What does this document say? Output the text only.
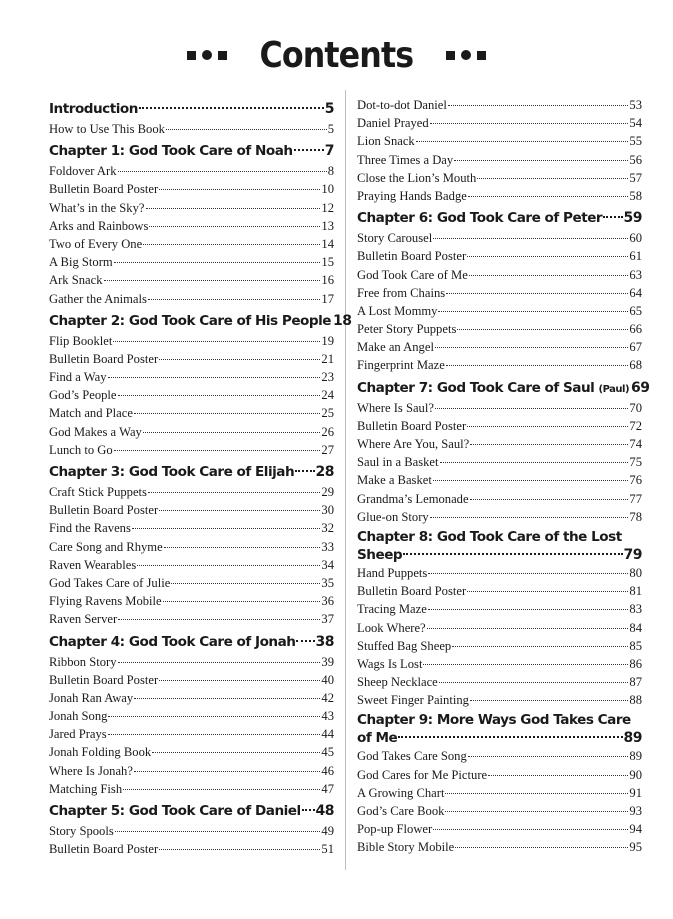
Contents
Introduction	5
How to Use This Book	5
Chapter 1: God Took Care of Noah 7
Foldover Ark	8
Bulletin Board Poster	10
What’s in the Sky?	12
Arks and Rainbows	13
Two of Every One	14
A Big Storm	15
Ark Snack	16
Gather the Animals	17
Chapter 2: God Took Care of His People 18
Flip Booklet	19
Bulletin Board Poster	21
Find a Way	23
God’s People	24
Match and Place	25
God Makes a Way	26
Lunch to Go	27
Chapter 3: God Took Care of Elijah 28
Craft Stick Puppets	29
Bulletin Board Poster	30
Find the Ravens	32
Care Song and Rhyme	33
Raven Wearables	34
God Takes Care of Julie	35
Flying Ravens Mobile	36
Raven Server	37
Chapter 4: God Took Care of Jonah 38
Ribbon Story	39
Bulletin Board Poster	40
Jonah Ran Away	42
Jonah Song	43
Jared Prays	44
Jonah Folding Book	45
Where Is Jonah?	46
Matching Fish	47
Chapter 5: God Took Care of Daniel 48
Story Spools	49
Bulletin Board Poster	51
Dot-to-dot Daniel	53
Daniel Prayed	54
Lion Snack	55
Three Times a Day	56
Close the Lion’s Mouth	57
Praying Hands Badge	58
Chapter 6: God Took Care of Peter 59
Story Carousel	60
Bulletin Board Poster	61
God Took Care of Me	63
Free from Chains	64
A Lost Mommy	65
Peter Story Puppets	66
Make an Angel	67
Fingerprint Maze	68
Chapter 7: God Took Care of Saul
(Paul) 69
Where Is Saul?	70
Bulletin Board Poster	72
Where Are You, Saul?	74
Saul in a Basket	75
Make a Basket	76
Grandma’s Lemonade	77
Glue-on Story	78
Chapter 8: God Took Care of the Lost
Sheep	79
Hand Puppets	80
Bulletin Board Poster	81
Tracing Maze	83
Look Where?	84
Stuffed Bag Sheep	85
Wags Is Lost	86
Sheep Necklace	87
Sweet Finger Painting	88
Chapter 9: More Ways God Takes Care
of Me	89
God Takes Care Song	89
God Cares for Me Picture	90
A Growing Chart	91
God’s Care Book	93
Pop-up Flower	94
Bible Story Mobile	95
